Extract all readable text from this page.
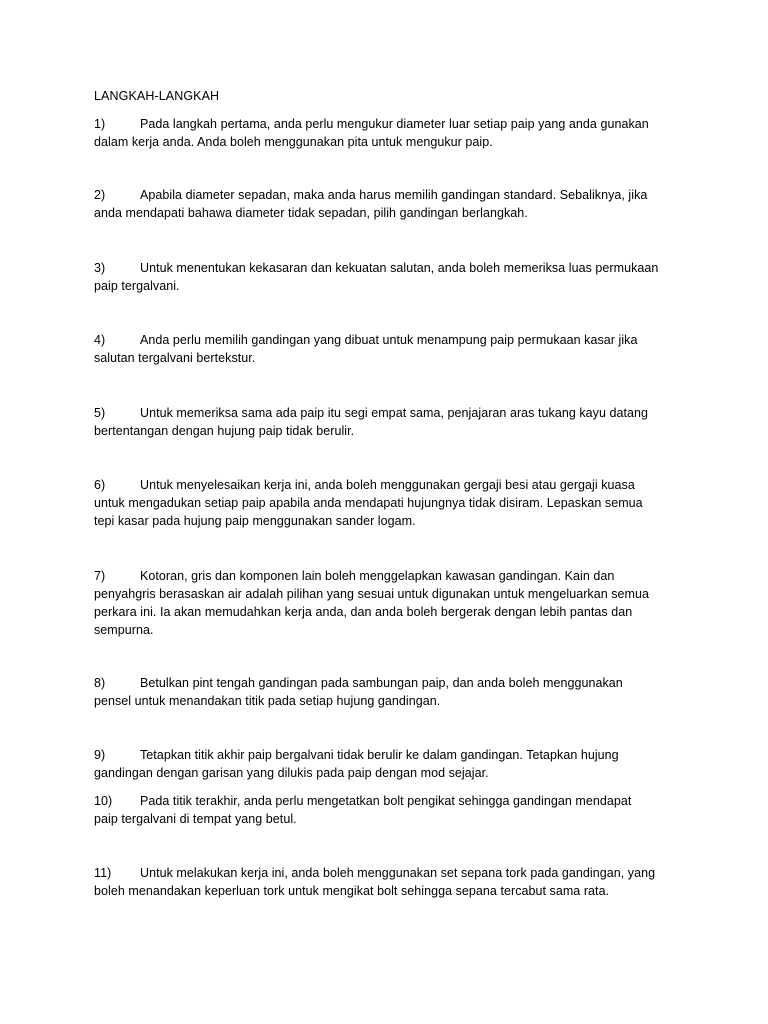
LANGKAH-LANGKAH
1)	Pada langkah pertama, anda perlu mengukur diameter luar setiap paip yang anda gunakan
dalam kerja anda. Anda boleh menggunakan pita untuk mengukur paip.
2)	Apabila diameter sepadan, maka anda harus memilih gandingan standard. Sebaliknya, jika
anda mendapati bahawa diameter tidak sepadan, pilih gandingan berlangkah.
3)	Untuk menentukan kekasaran dan kekuatan salutan, anda boleh memeriksa luas permukaan
paip tergalvani.
4)	Anda perlu memilih gandingan yang dibuat untuk menampung paip permukaan kasar jika
salutan tergalvani bertekstur.
5)	Untuk memeriksa sama ada paip itu segi empat sama, penjajaran aras tukang kayu datang
bertentangan dengan hujung paip tidak berulir.
6)	Untuk menyelesaikan kerja ini, anda boleh menggunakan gergaji besi atau gergaji kuasa
untuk mengadukan setiap paip apabila anda mendapati hujungnya tidak disiram. Lepaskan semua
tepi kasar pada hujung paip menggunakan sander logam.
7)	Kotoran, gris dan komponen lain boleh menggelapkan kawasan gandingan. Kain dan
penyahgris berasaskan air adalah pilihan yang sesuai untuk digunakan untuk mengeluarkan semua
perkara ini. Ia akan memudahkan kerja anda, dan anda boleh bergerak dengan lebih pantas dan
sempurna.
8)	Betulkan pint tengah gandingan pada sambungan paip, dan anda boleh menggunakan
pensel untuk menandakan titik pada setiap hujung gandingan.
9)	Tetapkan titik akhir paip bergalvani tidak berulir ke dalam gandingan. Tetapkan hujung
gandingan dengan garisan yang dilukis pada paip dengan mod sejajar.
10) Pada titik terakhir, anda perlu mengetatkan bolt pengikat sehingga gandingan mendapat
paip tergalvani di tempat yang betul.
11) Untuk melakukan kerja ini, anda boleh menggunakan set sepana tork pada gandingan, yang
boleh menandakan keperluan tork untuk mengikat bolt sehingga sepana tercabut sama rata.
